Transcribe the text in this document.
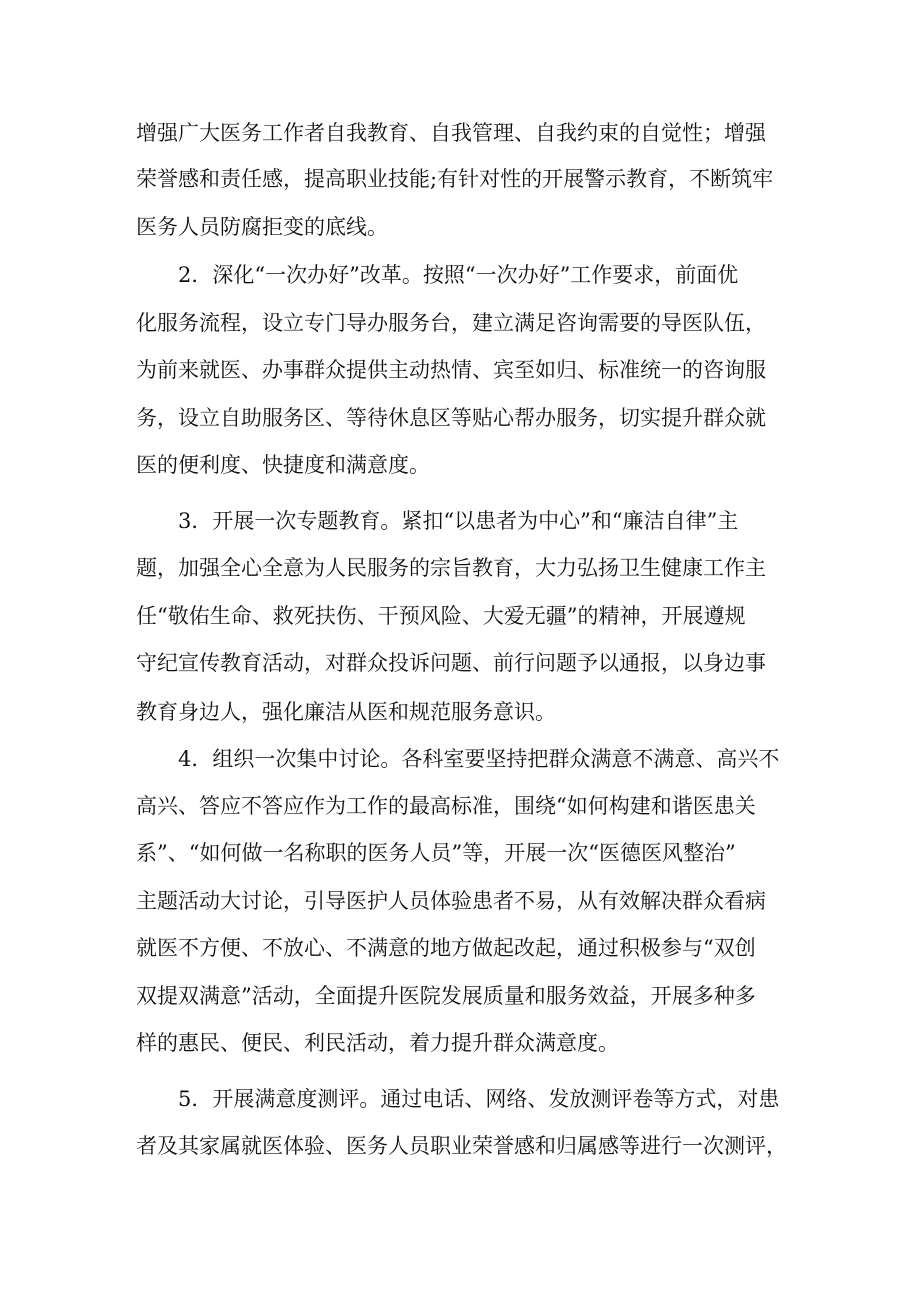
增强广大医务工作者自我教育、自我管理、自我约束的自觉性；增强
荣誉感和责任感，提高职业技能;有针对性的开展警示教育，不断筑牢
医务人员防腐拒变的底线。
2．深化“一次办好”改革。按照“一次办好”工作要求，前面优
化服务流程，设立专门导办服务台，建立满足咨询需要的导医队伍，
为前来就医、办事群众提供主动热情、宾至如归、标准统一的咨询服
务，设立自助服务区、等待休息区等贴心帮办服务，切实提升群众就
医的便利度、快捷度和满意度。
3．开展一次专题教育。紧扣“以患者为中心”和“廉洁自律”主
题，加强全心全意为人民服务的宗旨教育，大力弘扬卫生健康工作主
任“敬佑生命、救死扶伤、干预风险、大爱无疆”的精神，开展遵规
守纪宣传教育活动，对群众投诉问题、前行问题予以通报，以身边事
教育身边人，强化廉洁从医和规范服务意识。
4．组织一次集中讨论。各科室要坚持把群众满意不满意、高兴不
高兴、答应不答应作为工作的最高标准，围绕“如何构建和谐医患关
系”、“如何做一名称职的医务人员”等，开展一次“医德医风整治”
主题活动大讨论，引导医护人员体验患者不易，从有效解决群众看病
就医不方便、不放心、不满意的地方做起改起，通过积极参与“双创
双提双满意”活动，全面提升医院发展质量和服务效益，开展多种多
样的惠民、便民、利民活动，着力提升群众满意度。
5．开展满意度测评。通过电话、网络、发放测评卷等方式，对患
者及其家属就医体验、医务人员职业荣誉感和归属感等进行一次测评，
